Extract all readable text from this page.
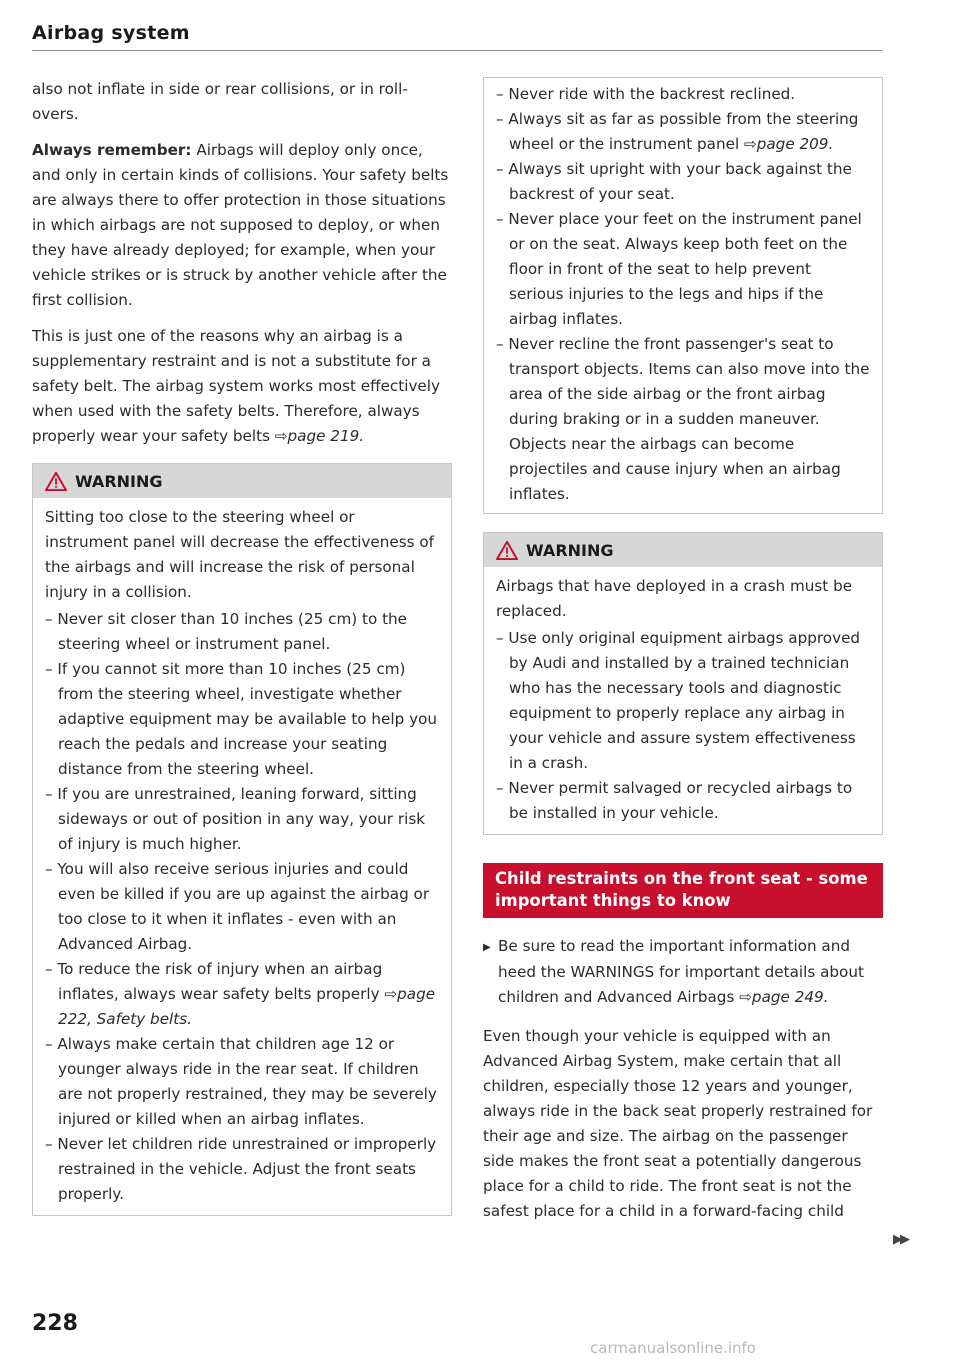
Airbag system

also not inflate in side or rear collisions, or in roll-overs.

Always remember: Airbags will deploy only once, and only in certain kinds of collisions. Your safety belts are always there to offer protection in those situations in which airbags are not supposed to deploy, or when they have already deployed; for example, when your vehicle strikes or is struck by another vehicle after the first collision.

This is just one of the reasons why an airbag is a supplementary restraint and is not a substitute for a safety belt. The airbag system works most effectively when used with the safety belts. Therefore, always properly wear your safety belts ⇨page 219.

WARNING

Sitting too close to the steering wheel or instrument panel will decrease the effectiveness of the airbags and will increase the risk of personal injury in a collision.

– Never sit closer than 10 inches (25 cm) to the steering wheel or instrument panel.
– If you cannot sit more than 10 inches (25 cm) from the steering wheel, investigate whether adaptive equipment may be available to help you reach the pedals and increase your seating distance from the steering wheel.
– If you are unrestrained, leaning forward, sitting sideways or out of position in any way, your risk of injury is much higher.
– You will also receive serious injuries and could even be killed if you are up against the airbag or too close to it when it inflates - even with an Advanced Airbag.
– To reduce the risk of injury when an airbag inflates, always wear safety belts properly ⇨page 222, Safety belts.
– Always make certain that children age 12 or younger always ride in the rear seat. If children are not properly restrained, they may be severely injured or killed when an airbag inflates.
– Never let children ride unrestrained or improperly restrained in the vehicle. Adjust the front seats properly.
– Never ride with the backrest reclined.
– Always sit as far as possible from the steering wheel or the instrument panel ⇨page 209.
– Always sit upright with your back against the backrest of your seat.
– Never place your feet on the instrument panel or on the seat. Always keep both feet on the floor in front of the seat to help prevent serious injuries to the legs and hips if the airbag inflates.
– Never recline the front passenger's seat to transport objects. Items can also move into the area of the side airbag or the front airbag during braking or in a sudden maneuver. Objects near the airbags can become projectiles and cause injury when an airbag inflates.
WARNING

Airbags that have deployed in a crash must be replaced.

– Use only original equipment airbags approved by Audi and installed by a trained technician who has the necessary tools and diagnostic equipment to properly replace any airbag in your vehicle and assure system effectiveness in a crash.
– Never permit salvaged or recycled airbags to be installed in your vehicle.
Child restraints on the front seat - some important things to know
▶ Be sure to read the important information and heed the WARNINGS for important details about children and Advanced Airbags ⇨page 249.

Even though your vehicle is equipped with an Advanced Airbag System, make certain that all children, especially those 12 years and younger, always ride in the back seat properly restrained for their age and size. The airbag on the passenger side makes the front seat a potentially dangerous place for a child to ride. The front seat is not the safest place for a child in a forward-facing child

▶▶
228
carmanualsonline.info
